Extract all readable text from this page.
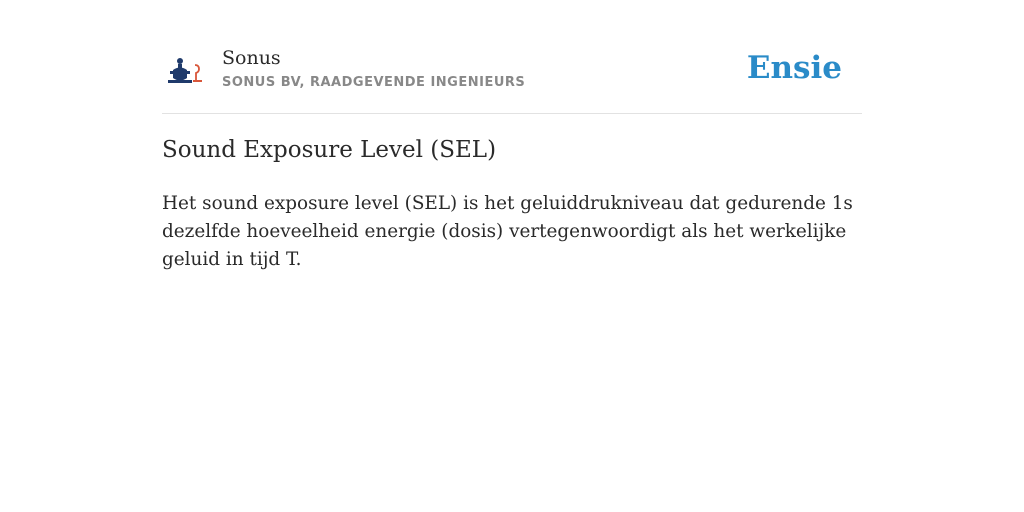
Sonus
SONUS BV, RAADGEVENDE INGENIEURS	Ensie
Sound Exposure Level (SEL)

Het sound exposure level (SEL) is het geluiddrukniveau dat gedurende 1s dezelfde hoeveelheid energie (dosis) vertegenwoordigt als het werkelijke geluid in tijd T.
